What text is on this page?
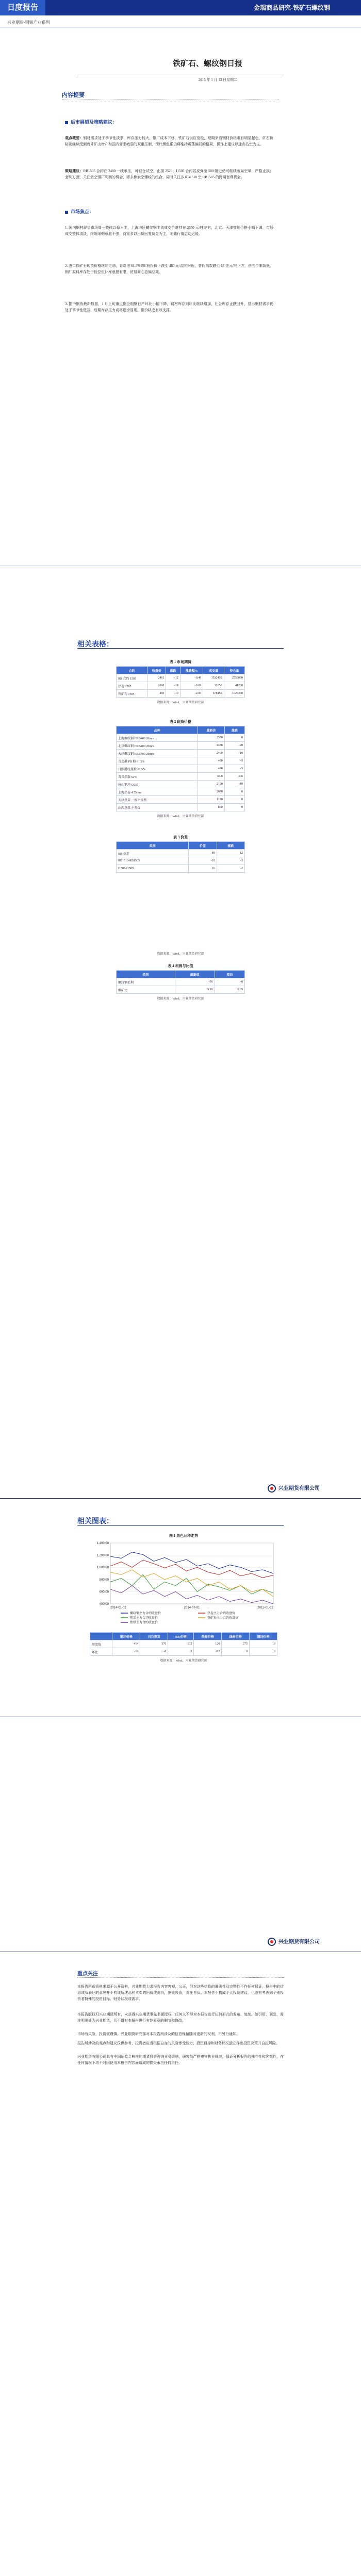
日度报告	金瑞商品研究-铁矿石螺纹钢
兴业期货-钢铁产业系列
铁矿石、螺纹钢日报
2015 年 1 月 13 日星期二
内容提要
后市展望及策略建议：
观点概要：钢材需求处于季节性淡季，库存压力较大，钢厂成本下移，铁矿石供应宽松，短期来看钢材价格难有明显起色，矿石价格则继续受到海外矿山增产和国内需求疲弱的双重压制，预计黑色系仍将维持震荡偏弱的格局，操作上建议以逢高沽空为主。
策略建议：RB1505 合约在 2480 一线承压，可轻仓试空，止损 2520；I1505 合约若反弹至 500 附近仍可继续布局空单，严格止损；套利方面，关注做空钢厂利润的机会，即多焦炭空螺纹的组合，同时关注多 RB1510 空 RB1505 的跨期套利机会。
市场焦点：
1. 国内钢材现货市场周一整体以稳为主，上海地区螺纹钢主流成交价维持在 2550 元/吨左右，北京、天津等地价格小幅下调，市场成交整体清淡，终端采购意愿不强，商家多以出货回笼资金为主，冬储行情启动迟缓。
2. 港口铁矿石现货价格继续走弱，青岛港 61.5% PB 粉报价下跌至 480 元/湿吨附近，普氏指数跌至 67 美元/吨下方，创五年来新低，钢厂原料库存处于低位但补库意愿有限，贸易商心态偏悲观。
3. 据中钢协最新数据，1 月上旬重点钢企粗钢日产环比小幅下降，钢材库存则环比继续增加，社会库存止跌回升，显示钢材需求仍处于季节性低谷，后期库存压力或将逐步显现，钢价缺乏有效支撑。
相关表格：
表 1 市场期货
合约	收盘价	涨跌	涨跌幅%	成交量	持仓量
RB 合约 1505	2461	-12	-0.49	1532450	2753060
热卷 1505	2600	-18	-0.69	12650	41230
铁矿石 1505	483	-10	-2.03	678450	1029360
数据来源：Wind、兴业期货研究部
表 2 现货价格
品种	最新价	涨跌
上海螺纹钢 HRB400 20mm	2550	0
北京螺纹钢 HRB400 20mm	2480	-20
天津螺纹钢 HRB400 20mm	2460	-10
青岛港 PB 粉 61.5%	480	-5
日照港纽曼粉 62.5%	498	-5
普氏指数 62%	66.8	-0.6
唐山钢坯 Q235	2190	-10
上海热卷 4.75mm	2670	0
天津焦炭 一级冶金焦	1120	0
山西焦煤 主焦煤	860	0
数据来源：Wind、兴业期货研究部
表 3 价差
类别	价差	涨跌
RB 基差	89	12
RB1510-RB1505	-18	-3
I1505-I1509	16	-2
数据来源：Wind、兴业期货研究部
表 4 利润与比值
类别	最新值	变动
螺纹钢毛利	-56	-8
螺矿比	5.10	0.05
数据来源：Wind、兴业期货研究部
兴业期货有限公司
相关图表：
图 1 黑色品种走势
1,400.00
1,200.00
1,000.00
800.00
600.00
400.00
2014-01-02	2014-07-01	2015-01-12
螺纹钢主力合约收盘价	热卷主力合约收盘价
焦炭主力合约收盘价	铁矿石主力合约收盘价
焦煤主力合约收盘价
	钢坯价格	日均焦炭	RB 价格	热卷价格	线材价格	钢坯价格
周度值	414	376	132	126	275	19
环比	-10	-8	-3	-72	0	0
数据来源：Wind、兴业期货研究部
兴业期货有限公司
重点关注
本报告所载资料来源于公开资料，兴业期货力求报告内容客观、公正，但对这些信息的准确性及完整性不作任何保证，报告中的信息或所表达的意见并不构成所述品种买卖的出价或询价，据此投资，责任自负。本报告不构成个人投资建议，也没有考虑到个别投资者特殊的投资目标、财务状况或需求。
本报告版权归兴业期货所有，未获得兴业期货事先书面授权，任何人不得对本报告进行任何形式的发布、复制。如引用、刊发，需注明出处为兴业期货，且不得对本报告进行有悖原意的删节和修改。
市场有风险，投资需谨慎。兴业期货研究部对本报告所涉及的信息保留随时更新的权利，不另行通知。
报告所涉及的观点和建议仅供参考，投资者应当根据自身的风险承受能力、投资目标和财务状况独立作出投资决策并自担风险。
兴业期货有限公司具有中国证监会核准的期货投资咨询业务资格，研究员严格遵守执业规范，保证分析报告的独立性和客观性，在任何情况下均不对因使用本报告内容而造成的损失承担任何责任。
